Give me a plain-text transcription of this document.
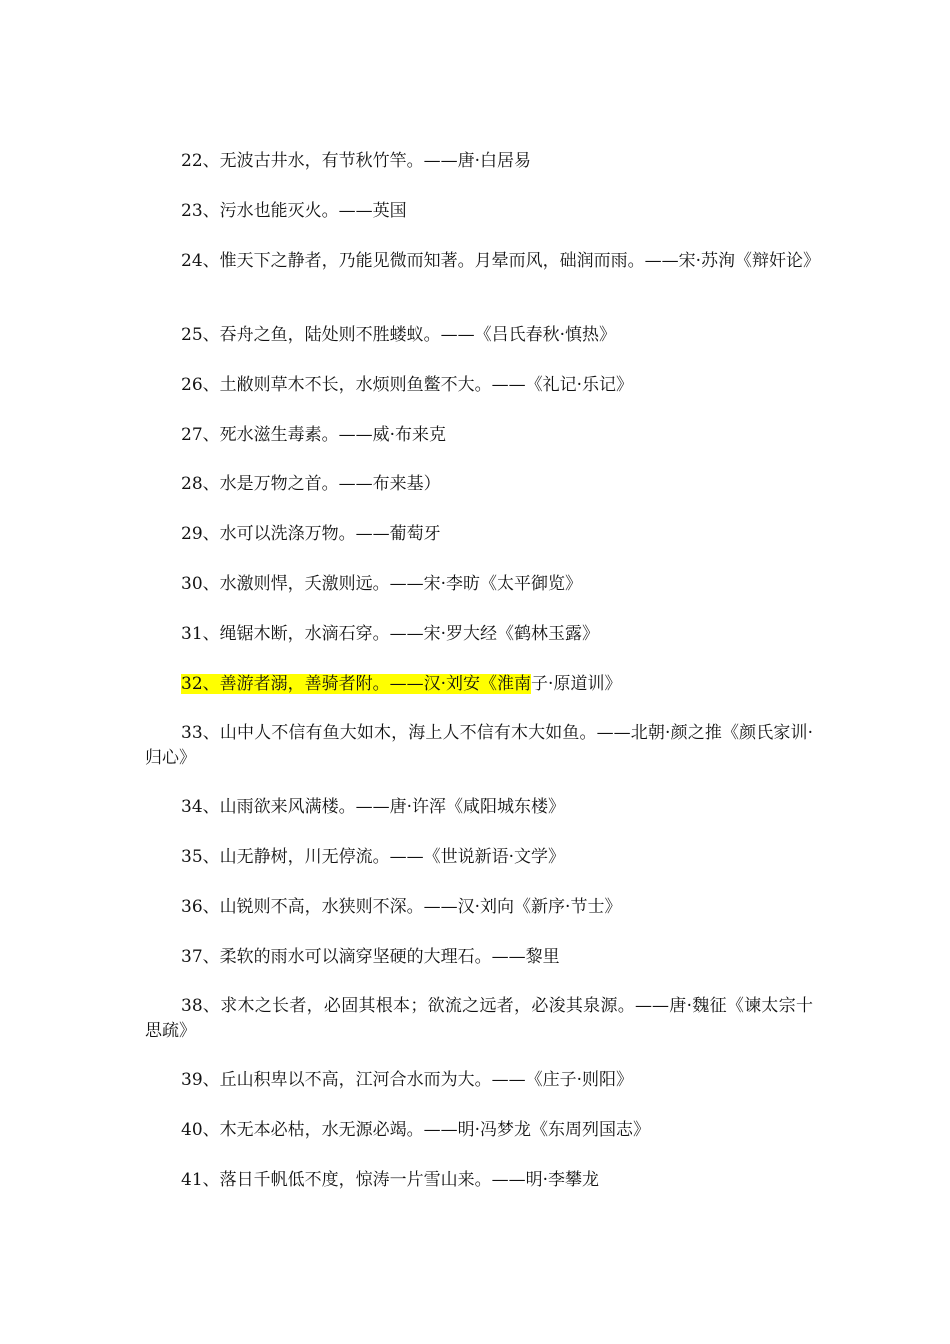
22、无波古井水，有节秋竹竿。——唐·白居易
23、污水也能灭火。——英国
24、惟天下之静者，乃能见微而知著。月晕而风，础润而雨。——宋·苏洵《辩奸论》
25、吞舟之鱼，陆处则不胜蝼蚁。——《吕氏春秋·慎热》
26、土敝则草木不长，水烦则鱼鳖不大。——《礼记·乐记》
27、死水滋生毒素。——威·布来克
28、水是万物之首。——布来基）
29、水可以洗涤万物。——葡萄牙
30、水激则悍，夭激则远。——宋·李昉《太平御览》
31、绳锯木断，水滴石穿。——宋·罗大经《鹤林玉露》
32、善游者溺，善骑者附。——汉·刘安《淮南子·原道训》
33、山中人不信有鱼大如木，海上人不信有木大如鱼。——北朝·颜之推《颜氏家训·归心》
34、山雨欲来风满楼。——唐·许浑《咸阳城东楼》
35、山无静树，川无停流。——《世说新语·文学》
36、山锐则不高，水狭则不深。——汉·刘向《新序·节士》
37、柔软的雨水可以滴穿坚硬的大理石。——黎里
38、求木之长者，必固其根本；欲流之远者，必浚其泉源。——唐·魏征《谏太宗十思疏》
39、丘山积卑以不高，江河合水而为大。——《庄子·则阳》
40、木无本必枯，水无源必竭。——明·冯梦龙《东周列国志》
41、落日千帆低不度，惊涛一片雪山来。——明·李攀龙
